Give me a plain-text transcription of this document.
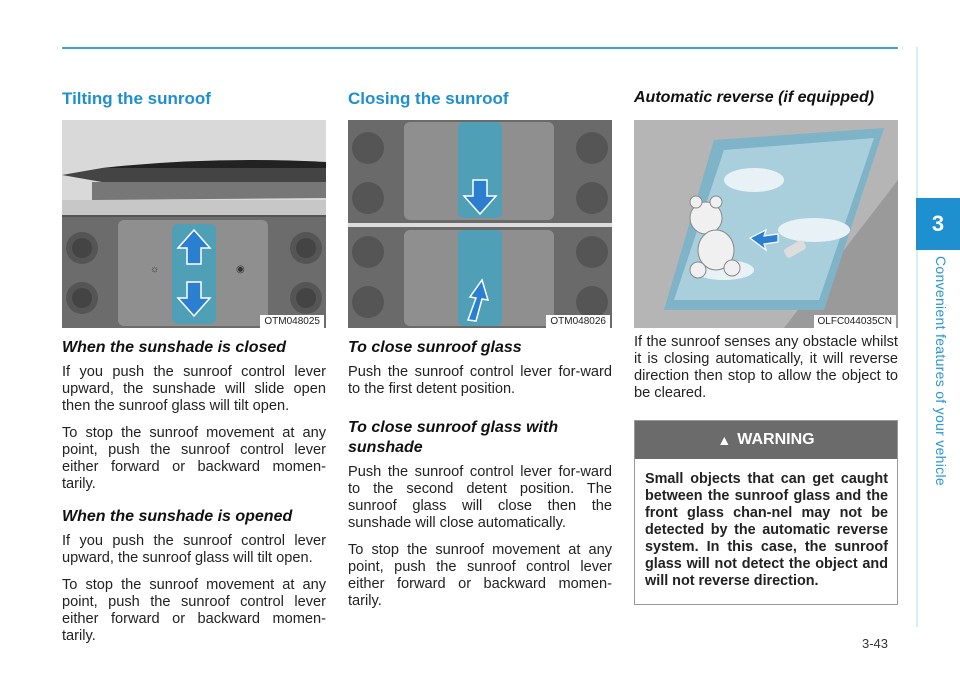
3
Convenient features of your vehicle
Tilting the sunroof
☼	◉
OTM048025
When the sunshade is closed

If you push the sunroof control lever upward, the sunshade will slide open then the sunroof glass will tilt open.

To stop the sunroof movement at any point, push the sunroof control lever either forward or backward momen-tarily.

When the sunshade is opened

If you push the sunroof control lever upward, the sunroof glass will tilt open.

To stop the sunroof movement at any point, push the sunroof control lever either forward or backward momen-tarily.

Closing the sunroof
OTM048026
To close sunroof glass

Push the sunroof control lever for-ward to the first detent position.

To close sunroof glass with sunshade

Push the sunroof control lever for-ward to the second detent position. The sunroof glass will close then the sunshade will close automatically.

To stop the sunroof movement at any point, push the sunroof control lever either forward or backward momen-tarily.

Automatic reverse (if equipped)
OLFC044035CN

If the sunroof senses any obstacle whilst it is closing automatically, it will reverse direction then stop to allow the object to be cleared.

▲ WARNING
Small objects that can get caught between the sunroof glass and the front glass chan-nel may not be detected by the automatic reverse system. In this case, the sunroof glass will not detect the object and will not reverse direction.
3-43
